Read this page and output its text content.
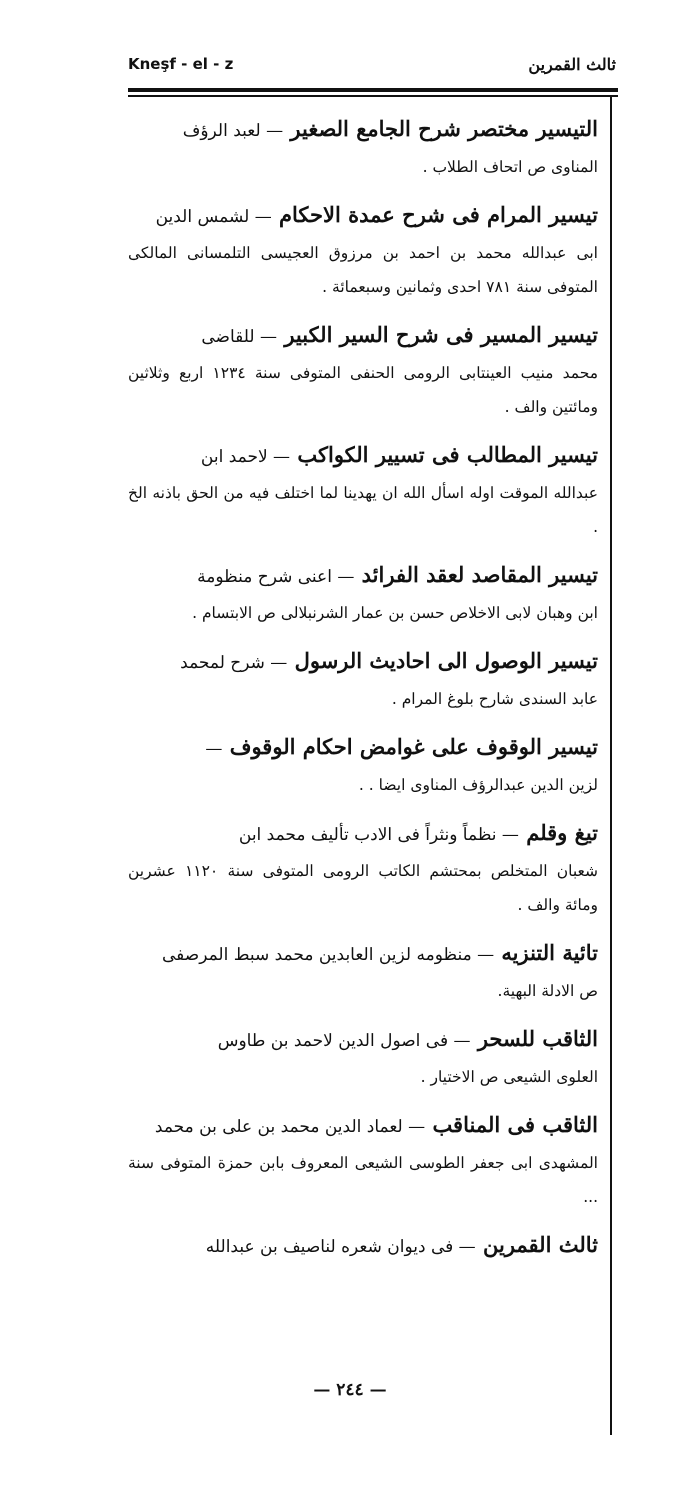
ثالث القمرين
Kneşf - el - z
التيسير مختصر شرح الجامع الصغير — لعبد الرؤف
المناوى ص اتحاف الطلاب .
تيسير المرام فى شرح عمدة الاحكام — لشمس الدين
ابى عبدالله محمد بن احمد بن مرزوق العجيسى التلمسانى المالكى المتوفى سنة ٧٨١ احدى وثمانين وسبعمائة .
تيسير المسير فى شرح السير الكبير — للقاضى
محمد منيب العينتابى الرومى الحنفى المتوفى سنة ١٢٣٤ اربع وثلاثين ومائتين والف .
تيسير المطالب فى تسيير الكواكب — لاحمد ابن
عبدالله الموقت اوله اسأل الله ان يهدينا لما اختلف فيه من الحق باذنه الخ .
تيسير المقاصد لعقد الفرائد — اعنى شرح منظومة
ابن وهبان لابى الاخلاص حسن بن عمار الشرنبلالى ص الابتسام .
تيسير الوصول الى احاديث الرسول — شرح لمحمد
عابد السندى شارح بلوغ المرام .
تيسير الوقوف على غوامض احكام الوقوف —
لزين الدين عبدالرؤف المناوى ايضا . .
تيغ وقلم — نظماً ونثراً فى الادب تأليف محمد ابن
شعبان المتخلص بمحتشم الكاتب الرومى المتوفى سنة ١١٢٠ عشرين ومائة والف .
تائية التنزيه — منظومه لزين العابدين محمد سبط المرصفى
ص الادلة البهية.
الثاقب للسحر — فى اصول الدين لاحمد بن طاوس
العلوى الشيعى ص الاختيار .
الثاقب فى المناقب — لعماد الدين محمد بن على بن محمد
المشهدى ابى جعفر الطوسى الشيعى المعروف بابن حمزة المتوفى سنة ...
ثالث القمرين — فى ديوان شعره لناصيف بن عبدالله
— ٢٤٤ —
